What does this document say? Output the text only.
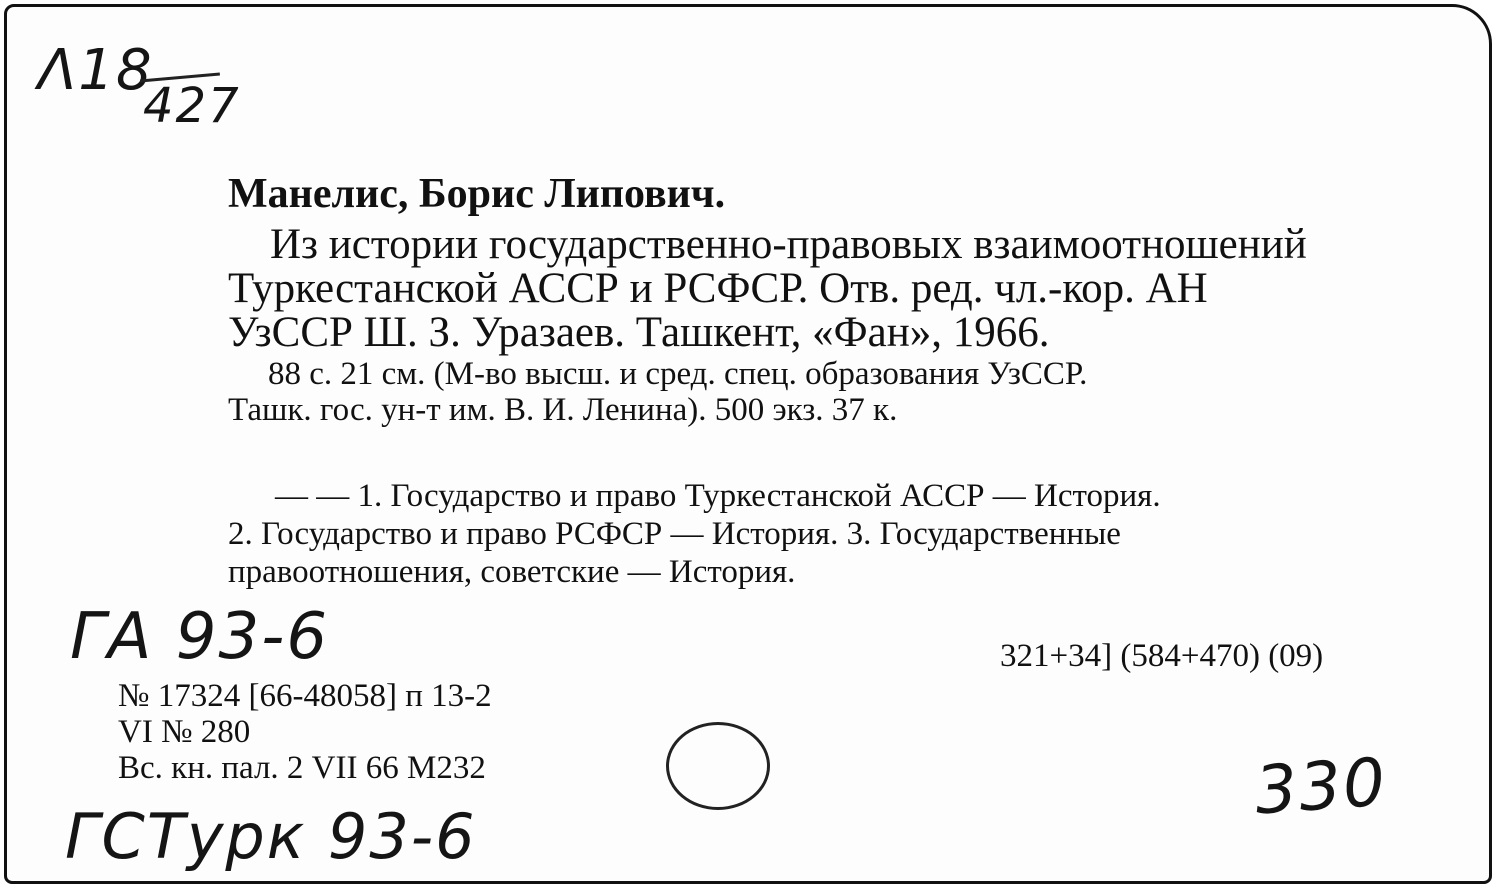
Λ18
427
Манелис, Борис Липович.
Из истории государственно-правовых взаимоотношений
Туркестанской АССР и РСФСР. Отв. ред. чл.-кор. АН
УзССР Ш. З. Уразаев. Ташкент, «Фан», 1966.
88 с. 21 см. (М-во высш. и сред. спец. образования УзССР.
Ташк. гос. ун-т им. В. И. Ленина). 500 экз. 37 к.
— — 1. Государство и право Туркестанской АССР — История.
2. Государство и право РСФСР — История. 3. Государственные
правоотношения, советские — История.
ГА 93-6	321+34] (584+470) (09)
№ 17324 [66-48058] п 13-2
VI № 280
Вс. кн. пал. 2 VII 66 М232	330
ГСТурк 93-6
